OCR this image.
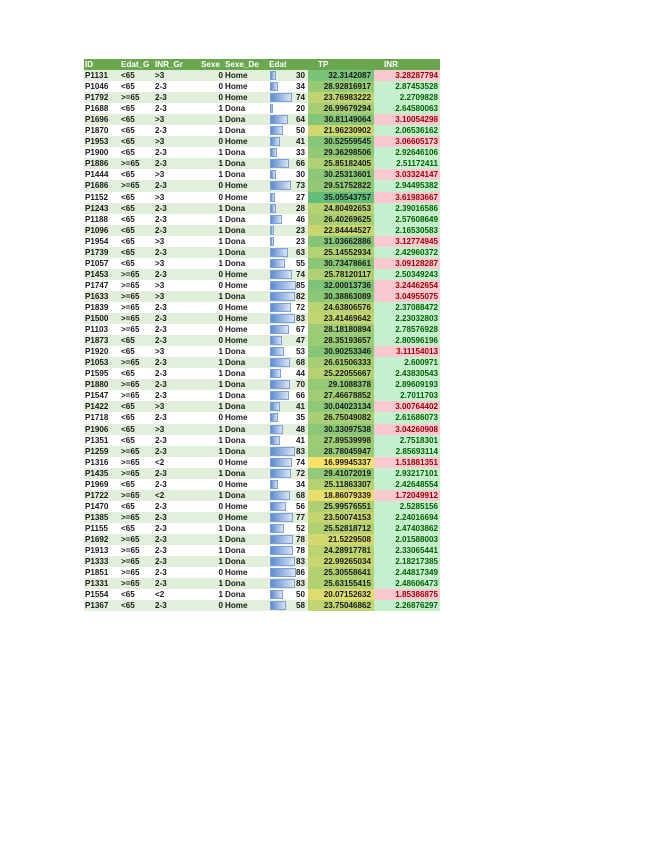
ID	Edat_G	INR_Gr	Sexe	Sexe_De	Edat	TP	INR
P1131	<65	>3	0	Home	30	32.3142087	3.28287794
P1046	<65	2-3	0	Home	34	28.92816917	2.87453528
P1792	>=65	2-3	0	Home	74	23.76983222	2.2709828
P1688	<65	2-3	1	Dona	20	26.99679294	2.64580063
P1696	<65	>3	1	Dona	64	30.81149064	3.10054298
P1870	<65	2-3	1	Dona	50	21.96230902	2.06536162
P1953	<65	>3	0	Home	41	30.52559545	3.06605173
P1900	<65	2-3	1	Dona	33	29.36298506	2.92646106
P1886	>=65	2-3	1	Dona	66	25.85182405	2.51172411
P1444	<65	>3	1	Dona	30	30.25313601	3.03324147
P1686	>=65	2-3	0	Home	73	29.51752822	2.94495382
P1152	<65	>3	0	Home	27	35.05543757	3.61983667
P1243	<65	2-3	1	Dona	28	24.80492653	2.39016586
P1188	<65	2-3	1	Dona	46	26.40269625	2.57608649
P1096	<65	2-3	1	Dona	23	22.84444527	2.16530583
P1954	<65	>3	1	Dona	23	31.03662886	3.12774945
P1739	<65	2-3	1	Dona	63	25.14552934	2.42960372
P1057	<65	>3	1	Dona	55	30.73478661	3.09128287
P1453	>=65	2-3	0	Home	74	25.78120117	2.50349243
P1747	>=65	>3	0	Home	85	32.00013736	3.24462654
P1633	>=65	>3	1	Dona	82	30.38863089	3.04955075
P1839	>=65	2-3	0	Home	72	24.63806576	2.37088472
P1500	>=65	2-3	0	Home	83	23.41469642	2.23032803
P1103	>=65	2-3	0	Home	67	28.18180894	2.78576928
P1873	<65	2-3	0	Home	47	28.35193657	2.80596196
P1920	<65	>3	1	Dona	53	30.90253346	3.11154013
P1053	>=65	2-3	1	Dona	68	26.61506333	2.600971
P1595	<65	2-3	1	Dona	44	25.22055667	2.43830543
P1880	>=65	2-3	1	Dona	70	29.1088378	2.89609193
P1547	>=65	2-3	1	Dona	66	27.46678852	2.7011703
P1422	<65	>3	1	Dona	41	30.04023134	3.00764402
P1718	<65	2-3	0	Home	35	26.75049082	2.61686073
P1906	<65	>3	1	Dona	48	30.33097538	3.04260908
P1351	<65	2-3	1	Dona	41	27.89539998	2.7518301
P1259	>=65	2-3	1	Dona	83	28.78045947	2.85693114
P1316	>=65	<2	0	Home	74	16.99945337	1.51881351
P1435	>=65	2-3	1	Dona	72	29.41072019	2.93217101
P1969	<65	2-3	0	Home	34	25.11863307	2.42648554
P1722	>=65	<2	1	Dona	68	18.86079339	1.72049912
P1470	<65	2-3	0	Home	56	25.99576551	2.5285156
P1385	>=65	2-3	0	Home	77	23.50074153	2.24016694
P1155	<65	2-3	1	Dona	52	25.52818712	2.47403862
P1692	>=65	2-3	1	Dona	78	21.5229508	2.01588003
P1913	>=65	2-3	1	Dona	78	24.28917781	2.33065441
P1333	>=65	2-3	1	Dona	83	22.99265034	2.18217385
P1851	>=65	2-3	0	Home	86	25.30558641	2.44817349
P1331	>=65	2-3	1	Dona	83	25.63155415	2.48606473
P1554	<65	<2	1	Dona	50	20.07152632	1.85386875
P1367	<65	2-3	0	Home	58	23.75046862	2.26876297
